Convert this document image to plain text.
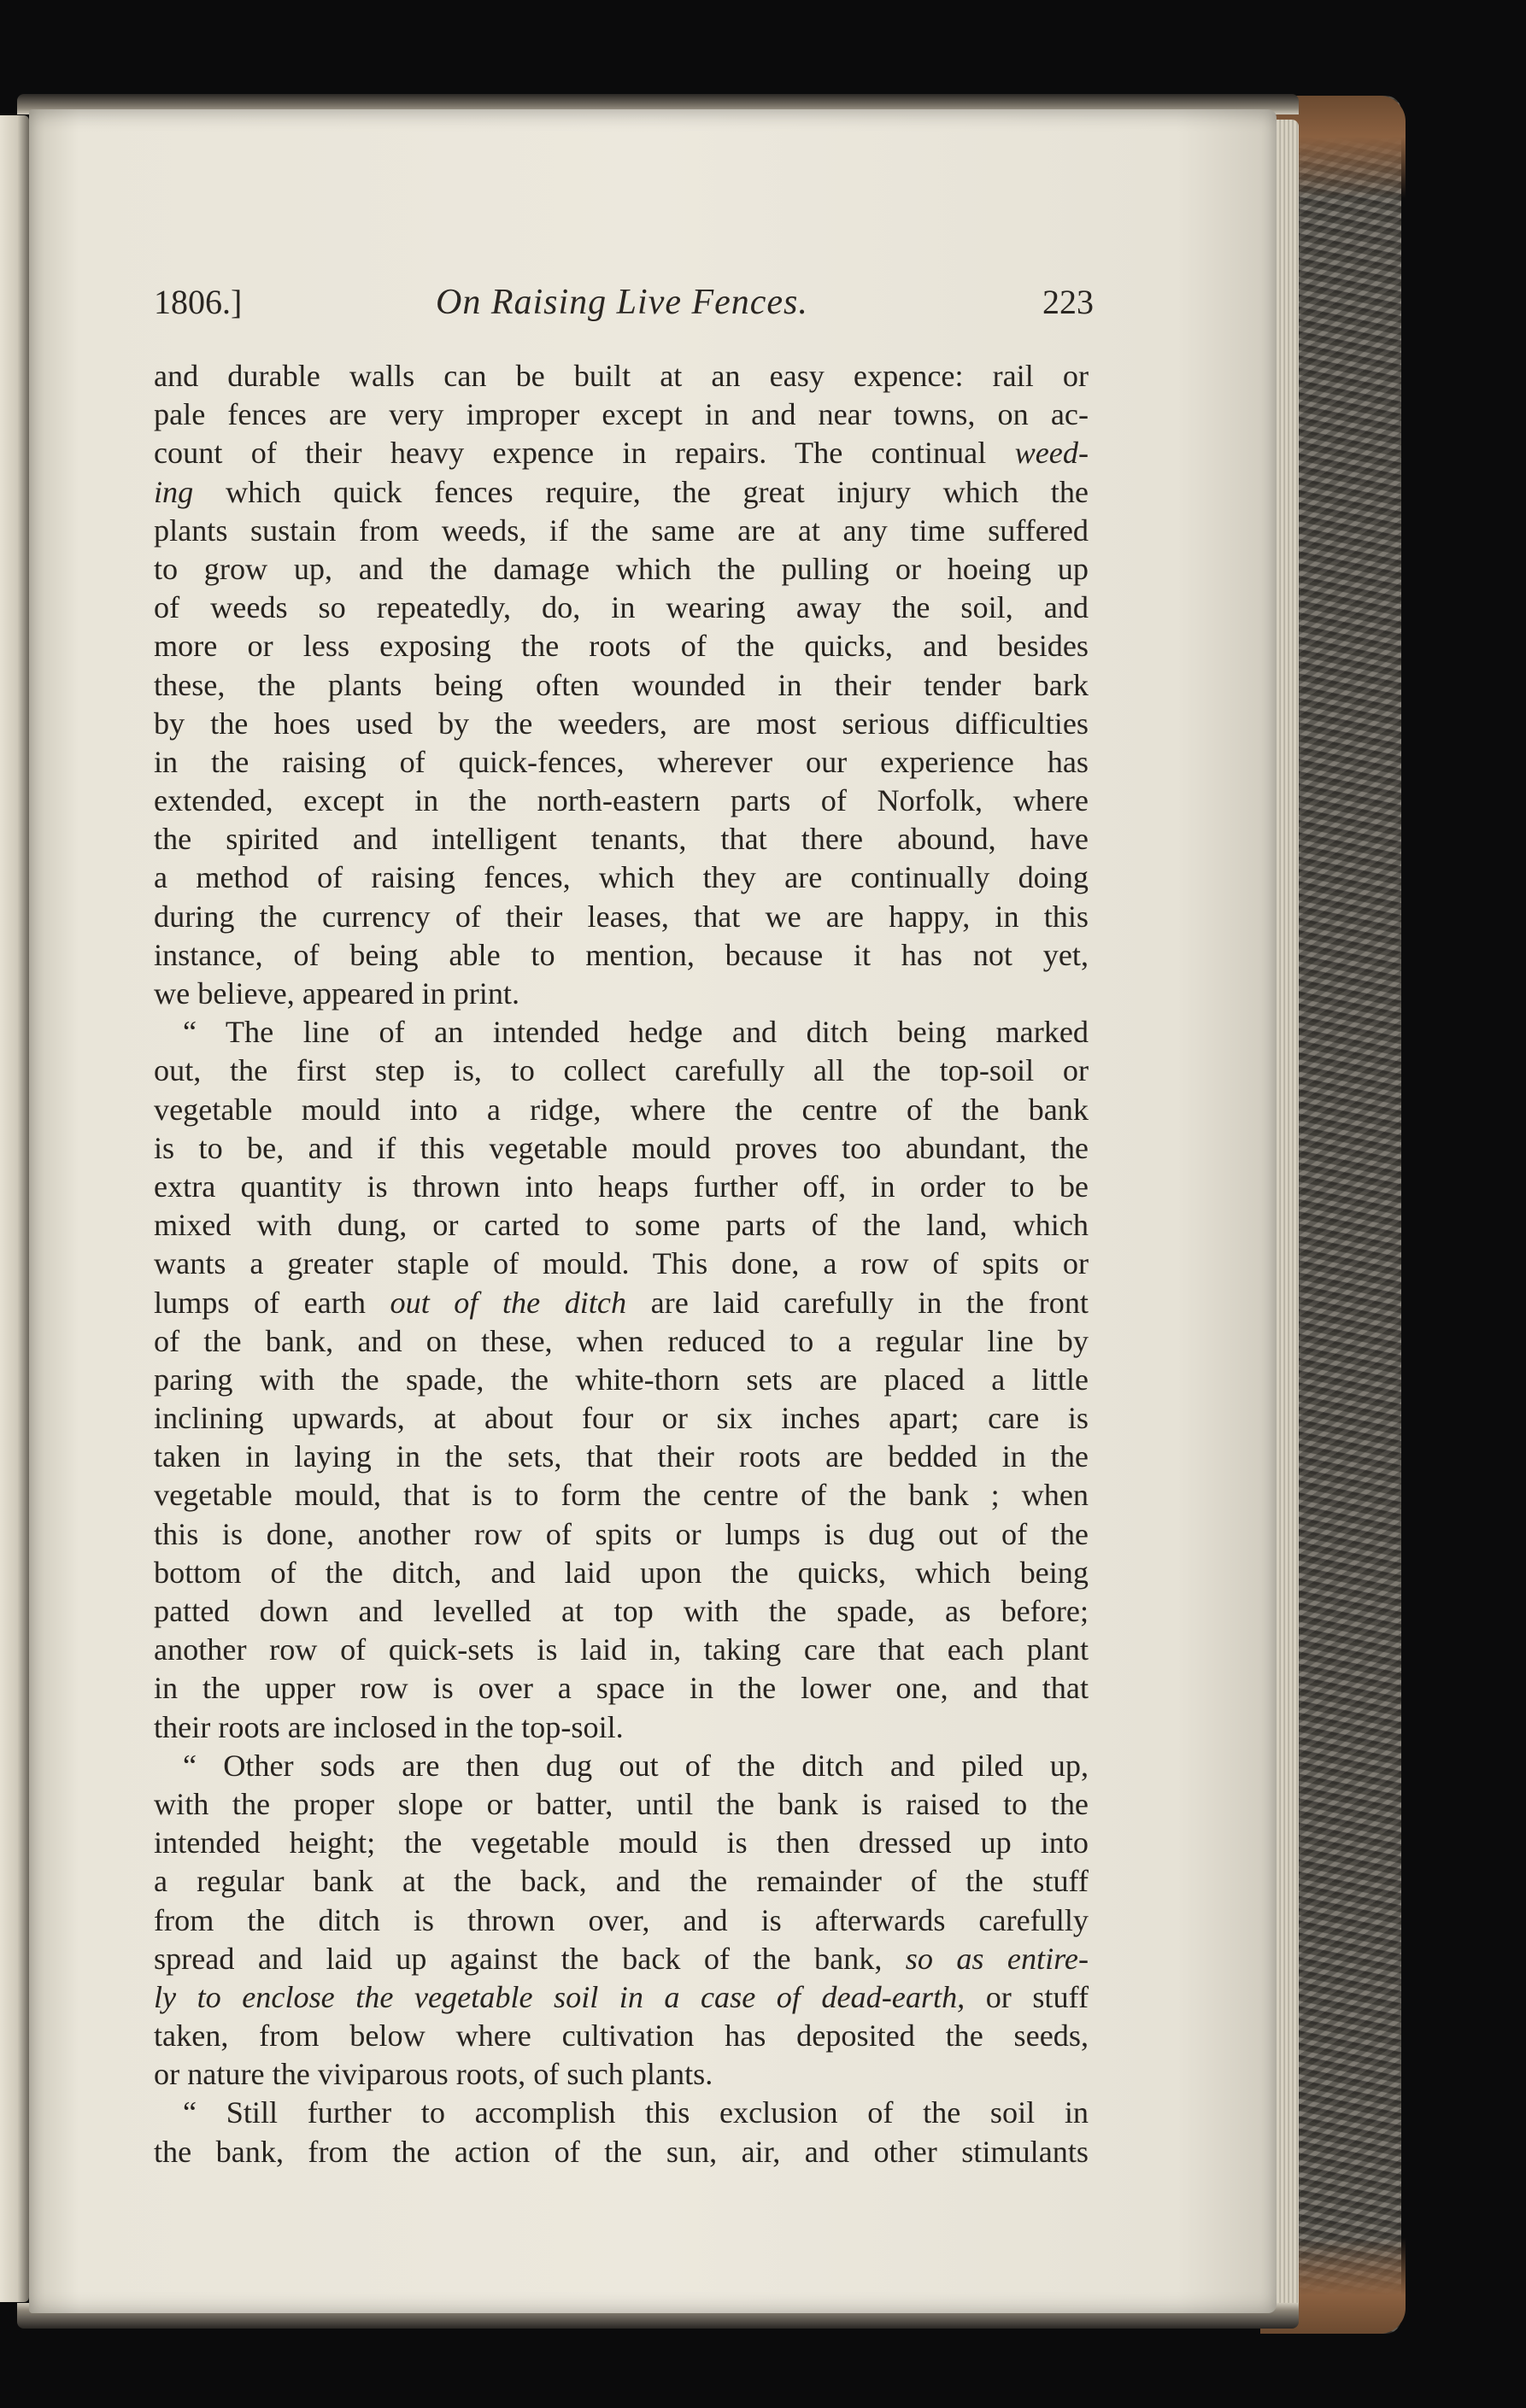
1806.]	On Raising Live Fences.	223
and durable walls can be built at an easy expence: rail or
pale fences are very improper except in and near towns, on ac-
count of their heavy expence in repairs. The continual weed-
ing which quick fences require, the great injury which the
plants sustain from weeds, if the same are at any time suffered
to grow up, and the damage which the pulling or hoeing up
of weeds so repeatedly, do, in wearing away the soil, and
more or less exposing the roots of the quicks, and besides
these, the plants being often wounded in their tender bark
by the hoes used by the weeders, are most serious difficulties
in the raising of quick-fences, wherever our experience has
extended, except in the north-eastern parts of Norfolk, where
the spirited and intelligent tenants, that there abound, have
a method of raising fences, which they are continually doing
during the currency of their leases, that we are happy, in this
instance, of being able to mention, because it has not yet,
we believe, appeared in print.
“ The line of an intended hedge and ditch being marked
out, the first step is, to collect carefully all the top-soil or
vegetable mould into a ridge, where the centre of the bank
is to be, and if this vegetable mould proves too abundant, the
extra quantity is thrown into heaps further off, in order to be
mixed with dung, or carted to some parts of the land, which
wants a greater staple of mould. This done, a row of spits or
lumps of earth out of the ditch are laid carefully in the front
of the bank, and on these, when reduced to a regular line by
paring with the spade, the white-thorn sets are placed a little
inclining upwards, at about four or six inches apart; care is
taken in laying in the sets, that their roots are bedded in the
vegetable mould, that is to form the centre of the bank ; when
this is done, another row of spits or lumps is dug out of the
bottom of the ditch, and laid upon the quicks, which being
patted down and levelled at top with the spade, as before;
another row of quick-sets is laid in, taking care that each plant
in the upper row is over a space in the lower one, and that
their roots are inclosed in the top-soil.
“ Other sods are then dug out of the ditch and piled up,
with the proper slope or batter, until the bank is raised to the
intended height; the vegetable mould is then dressed up into
a regular bank at the back, and the remainder of the stuff
from the ditch is thrown over, and is afterwards carefully
spread and laid up against the back of the bank, so as entire-
ly to enclose the vegetable soil in a case of dead-earth, or stuff
taken, from below where cultivation has deposited the seeds,
or nature the viviparous roots, of such plants.
“ Still further to accomplish this exclusion of the soil in
the bank, from the action of the sun, air, and other stimulants
